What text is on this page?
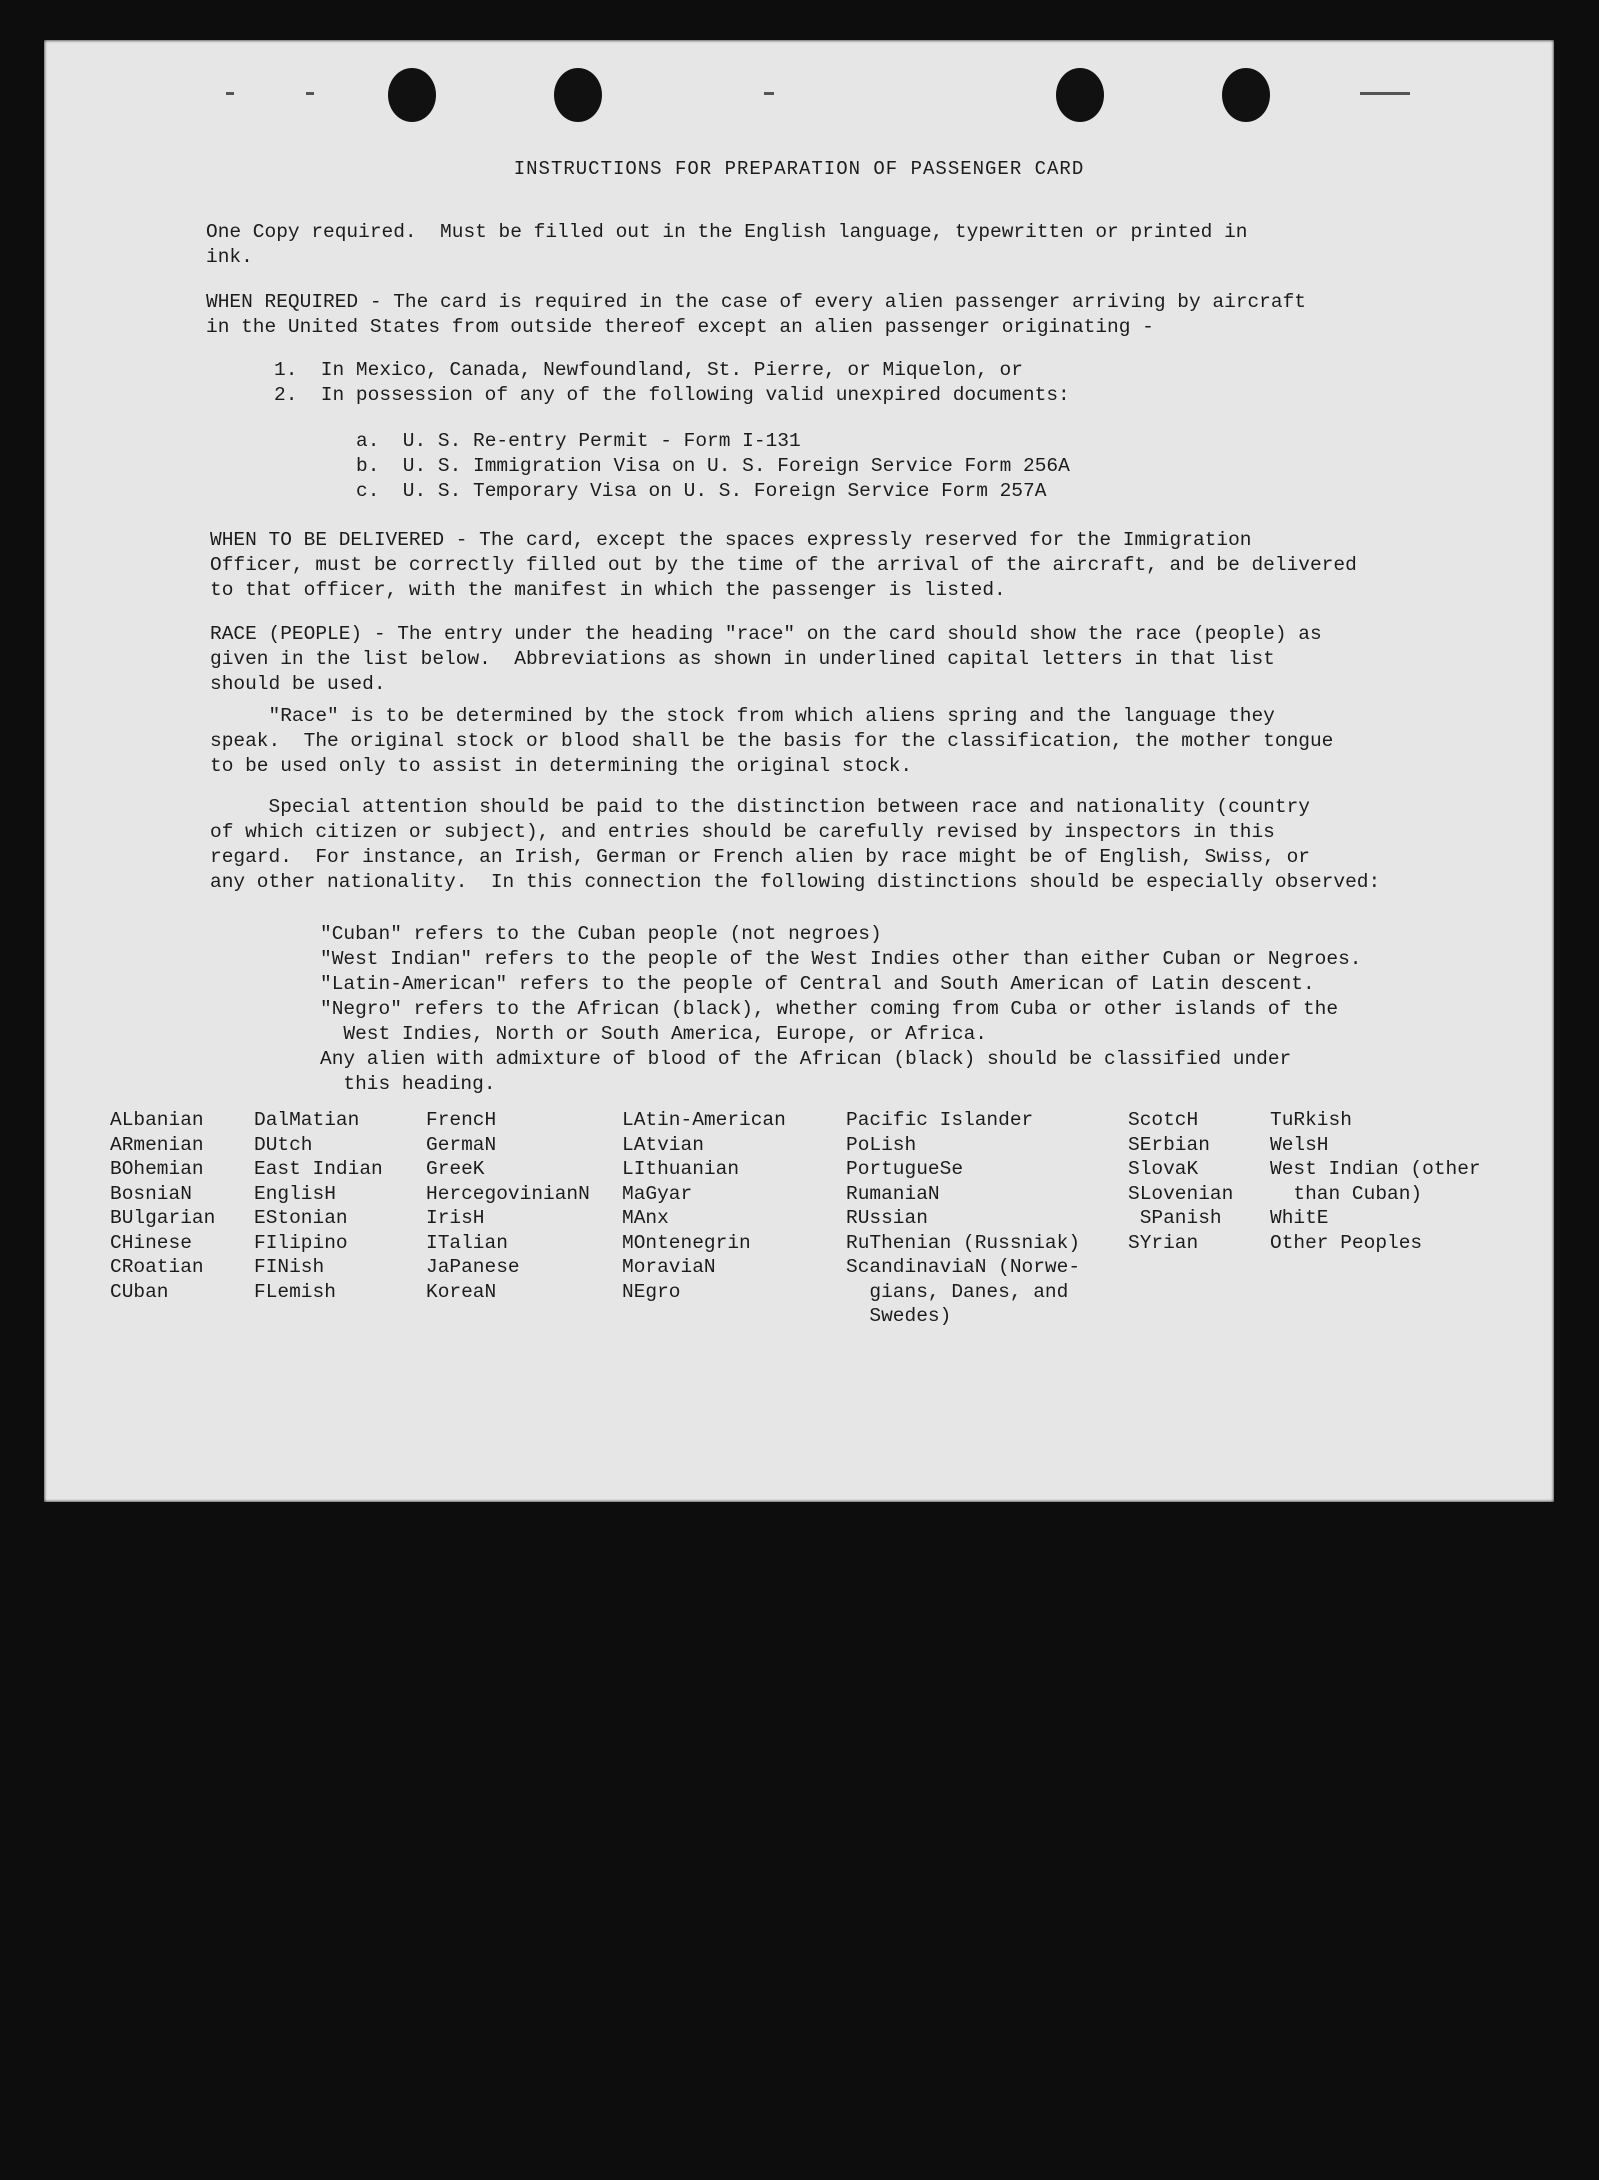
INSTRUCTIONS FOR PREPARATION OF PASSENGER CARD
One Copy required.  Must be filled out in the English language, typewritten or printed in
ink.
WHEN REQUIRED - The card is required in the case of every alien passenger arriving by aircraft
in the United States from outside thereof except an alien passenger originating -
1.  In Mexico, Canada, Newfoundland, St. Pierre, or Miquelon, or
2.  In possession of any of the following valid unexpired documents:
a.  U. S. Re-entry Permit - Form I-131
b.  U. S. Immigration Visa on U. S. Foreign Service Form 256A
c.  U. S. Temporary Visa on U. S. Foreign Service Form 257A
WHEN TO BE DELIVERED - The card, except the spaces expressly reserved for the Immigration
Officer, must be correctly filled out by the time of the arrival of the aircraft, and be delivered
to that officer, with the manifest in which the passenger is listed.
RACE (PEOPLE) - The entry under the heading "race" on the card should show the race (people) as
given in the list below.  Abbreviations as shown in underlined capital letters in that list
should be used.
"Race" is to be determined by the stock from which aliens spring and the language they
speak.  The original stock or blood shall be the basis for the classification, the mother tongue
to be used only to assist in determining the original stock.
Special attention should be paid to the distinction between race and nationality (country
of which citizen or subject), and entries should be carefully revised by inspectors in this
regard.  For instance, an Irish, German or French alien by race might be of English, Swiss, or
any other nationality.  In this connection the following distinctions should be especially observed:
"Cuban" refers to the Cuban people (not negroes)
"West Indian" refers to the people of the West Indies other than either Cuban or Negroes.
"Latin-American" refers to the people of Central and South American of Latin descent.
"Negro" refers to the African (black), whether coming from Cuba or other islands of the
West Indies, North or South America, Europe, or Africa.
Any alien with admixture of blood of the African (black) should be classified under
this heading.
ALbanian
ARmenian
BOhemian
BosniaN
BUlgarian
CHinese
CRoatian
CUban
DalMatian
DUtch
East Indian
EnglisH
EStonian
FIlipino
FINish
FLemish
FrencH
GermaN
GreeK
HercegovinianN
IrisH
ITalian
JaPanese
KoreaN
LAtin-American
LAtvian
LIthuanian
MaGyar
MAnx
MOntenegrin
MoraviaN
NEgro
Pacific Islander
PoLish
PortugueSe
RumaniaN
RUssian
RuThenian (Russniak)
ScandinaviaN (Norwe-
gians, Danes, and
Swedes)
ScotcH
SErbian
SlovaK
SLovenian
SPanish
SYrian
TuRkish
WelsH
West Indian (other
than Cuban)
WhitE
Other Peoples
